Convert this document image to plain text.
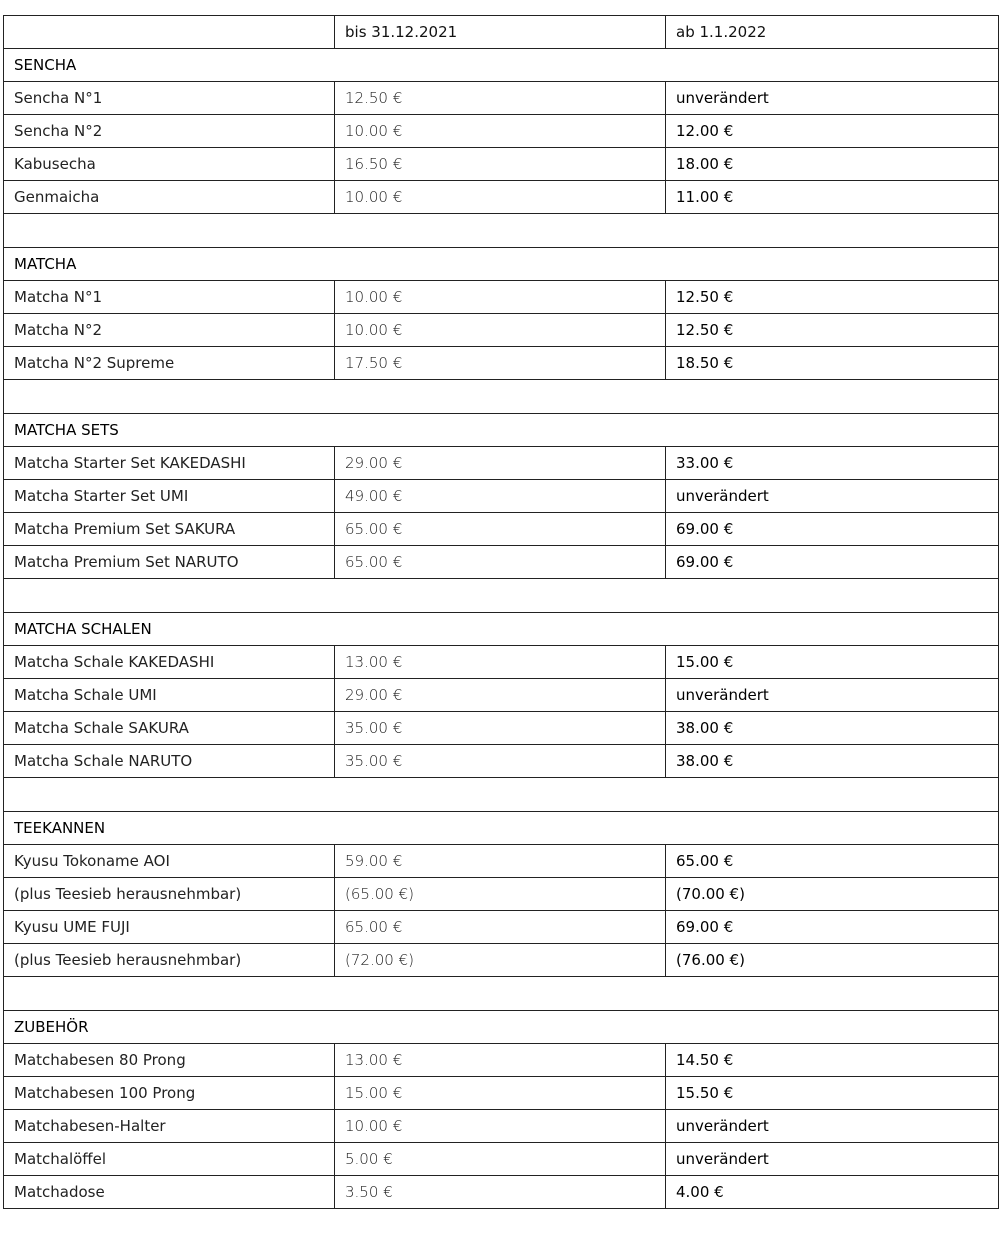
	bis 31.12.2021	ab 1.1.2022
SENCHA		
Sencha N°1	12.50 €	unverändert
Sencha N°2	10.00 €	12.00 €
Kabusecha	16.50 €	18.00 €
Genmaicha	10.00 €	11.00 €

MATCHA		
Matcha N°1	10.00 €	12.50 €
Matcha N°2	10.00 €	12.50 €
Matcha N°2 Supreme	17.50 €	18.50 €

MATCHA SETS		
Matcha Starter Set KAKEDASHI	29.00 €	33.00 €
Matcha Starter Set UMI	49.00 €	unverändert
Matcha Premium Set SAKURA	65.00 €	69.00 €
Matcha Premium Set NARUTO	65.00 €	69.00 €

MATCHA SCHALEN		
Matcha Schale KAKEDASHI	13.00 €	15.00 €
Matcha Schale UMI	29.00 €	unverändert
Matcha Schale SAKURA	35.00 €	38.00 €
Matcha Schale NARUTO	35.00 €	38.00 €

TEEKANNEN		
Kyusu Tokoname AOI	59.00 €	65.00 €
(plus Teesieb herausnehmbar)	(65.00 €)	(70.00 €)
Kyusu UME FUJI	65.00 €	69.00 €
(plus Teesieb herausnehmbar)	(72.00 €)	(76.00 €)

ZUBEHÖR		
Matchabesen 80 Prong	13.00 €	14.50 €
Matchabesen 100 Prong	15.00 €	15.50 €
Matchabesen-Halter	10.00 €	unverändert
Matchalöffel	5.00 €	unverändert
Matchadose	3.50 €	4.00 €
